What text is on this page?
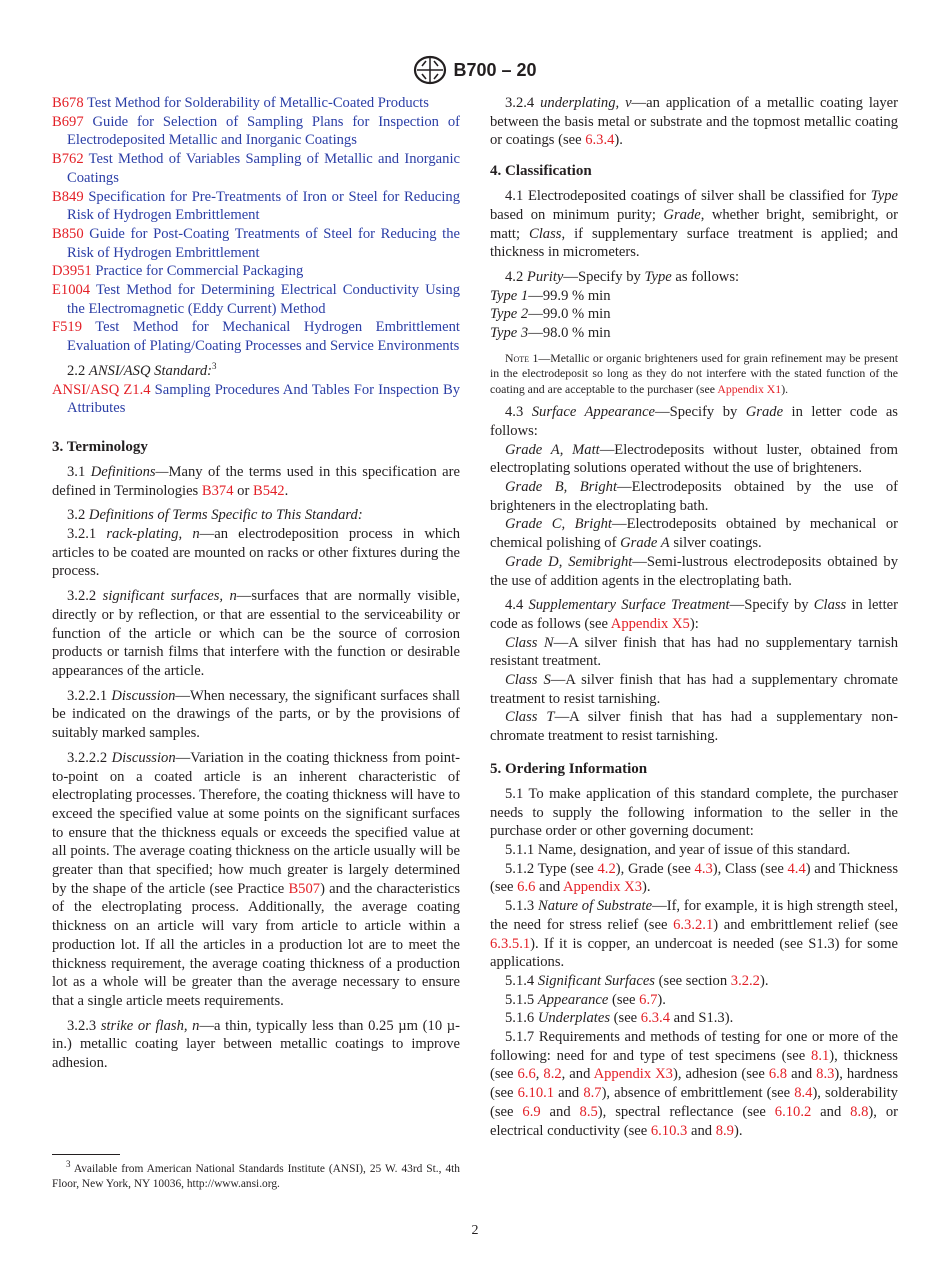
B700 – 20
B678 Test Method for Solderability of Metallic-Coated Products
B697 Guide for Selection of Sampling Plans for Inspection of Electrodeposited Metallic and Inorganic Coatings
B762 Test Method of Variables Sampling of Metallic and Inorganic Coatings
B849 Specification for Pre-Treatments of Iron or Steel for Reducing Risk of Hydrogen Embrittlement
B850 Guide for Post-Coating Treatments of Steel for Reducing the Risk of Hydrogen Embrittlement
D3951 Practice for Commercial Packaging
E1004 Test Method for Determining Electrical Conductivity Using the Electromagnetic (Eddy Current) Method
F519 Test Method for Mechanical Hydrogen Embrittlement Evaluation of Plating/Coating Processes and Service Environments

2.2 ANSI/ASQ Standard:$^3$

ANSI/ASQ Z1.4 Sampling Procedures And Tables For Inspection By Attributes
3. Terminology

3.1 Definitions—Many of the terms used in this specification are defined in Terminologies B374 or B542.

3.2 Definitions of Terms Specific to This Standard:

3.2.1 rack-plating, n—an electrodeposition process in which articles to be coated are mounted on racks or other fixtures during the process.

3.2.2 significant surfaces, n—surfaces that are normally visible, directly or by reflection, or that are essential to the serviceability or function of the article or which can be the source of corrosion products or tarnish films that interfere with the function or desirable appearances of the article.

3.2.2.1 Discussion—When necessary, the significant surfaces shall be indicated on the drawings of the parts, or by the provisions of suitably marked samples.

3.2.2.2 Discussion—Variation in the coating thickness from point-to-point on a coated article is an inherent characteristic of electroplating processes. Therefore, the coating thickness will have to exceed the specified value at some points on the significant surfaces to ensure that the thickness equals or exceeds the specified value at all points. The average coating thickness on the article usually will be greater than that specified; how much greater is largely determined by the shape of the article (see Practice B507) and the characteristics of the electroplating process. Additionally, the average coating thickness on an article will vary from article to article within a production lot. If all the articles in a production lot are to meet the thickness requirement, the average coating thickness of a production lot as a whole will be greater than the average necessary to ensure that a single article meets requirements.

3.2.3 strike or flash, n—a thin, typically less than 0.25 µm (10 µ-in.) metallic coating layer between metallic coatings to improve adhesion.

$^3$ Available from American National Standards Institute (ANSI), 25 W. 43rd St., 4th Floor, New York, NY 10036, http://www.ansi.org.

3.2.4 underplating, v—an application of a metallic coating layer between the basis metal or substrate and the topmost metallic coating or coatings (see 6.3.4).

4. Classification

4.1 Electrodeposited coatings of silver shall be classified for Type based on minimum purity; Grade, whether bright, semibright, or matt; Class, if supplementary surface treatment is applied; and thickness in micrometers.

4.2 Purity—Specify by Type as follows:

Type 1—99.9 % min

Type 2—99.0 % min

Type 3—98.0 % min

Note 1—Metallic or organic brighteners used for grain refinement may be present in the electrodeposit so long as they do not interfere with the stated function of the coating and are acceptable to the purchaser (see Appendix X1).

4.3 Surface Appearance—Specify by Grade in letter code as follows:

Grade A, Matt—Electrodeposits without luster, obtained from electroplating solutions operated without the use of brighteners.

Grade B, Bright—Electrodeposits obtained by the use of brighteners in the electroplating bath.

Grade C, Bright—Electrodeposits obtained by mechanical or chemical polishing of Grade A silver coatings.

Grade D, Semibright—Semi-lustrous electrodeposits obtained by the use of addition agents in the electroplating bath.

4.4 Supplementary Surface Treatment—Specify by Class in letter code as follows (see Appendix X5):

Class N—A silver finish that has had no supplementary tarnish resistant treatment.

Class S—A silver finish that has had a supplementary chromate treatment to resist tarnishing.

Class T—A silver finish that has had a supplementary non-chromate treatment to resist tarnishing.

5. Ordering Information

5.1 To make application of this standard complete, the purchaser needs to supply the following information to the seller in the purchase order or other governing document:

5.1.1 Name, designation, and year of issue of this standard.

5.1.2 Type (see 4.2), Grade (see 4.3), Class (see 4.4) and Thickness (see 6.6 and Appendix X3).

5.1.3 Nature of Substrate—If, for example, it is high strength steel, the need for stress relief (see 6.3.2.1) and embrittlement relief (see 6.3.5.1). If it is copper, an undercoat is needed (see S1.3) for some applications.

5.1.4 Significant Surfaces (see section 3.2.2).

5.1.5 Appearance (see 6.7).

5.1.6 Underplates (see 6.3.4 and S1.3).

5.1.7 Requirements and methods of testing for one or more of the following: need for and type of test specimens (see 8.1), thickness (see 6.6, 8.2, and Appendix X3), adhesion (see 6.8 and 8.3), hardness (see 6.10.1 and 8.7), absence of embrittlement (see 8.4), solderability (see 6.9 and 8.5), spectral reflectance (see 6.10.2 and 8.8), or electrical conductivity (see 6.10.3 and 8.9).

2
